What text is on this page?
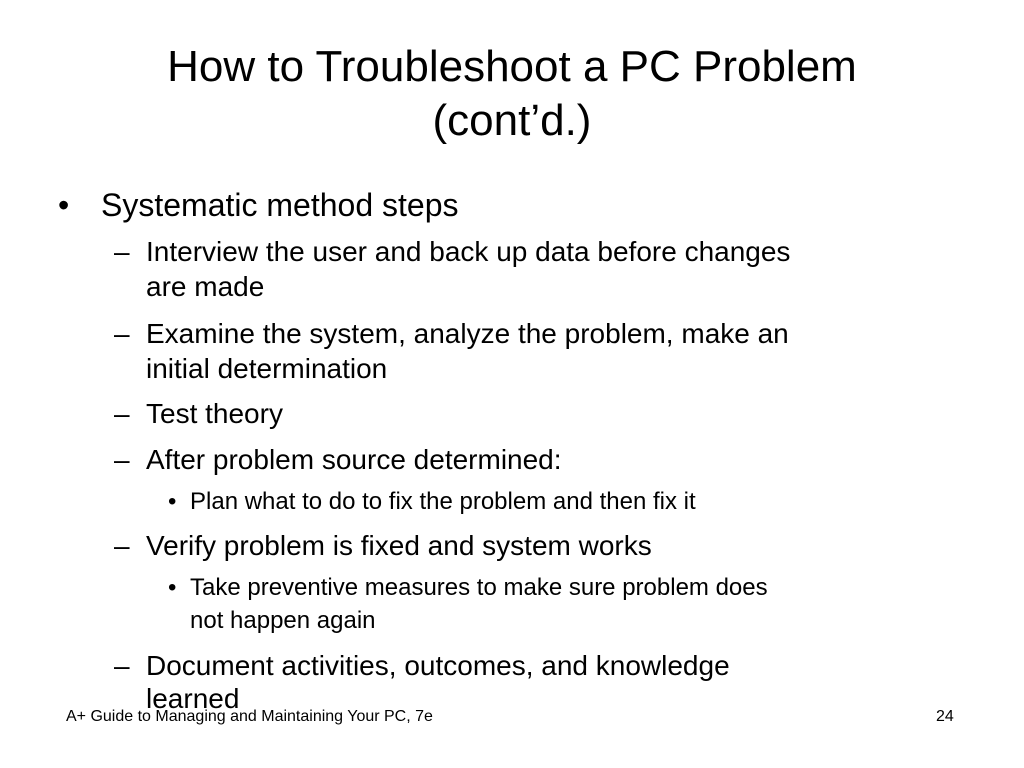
How to Troubleshoot a PC Problem
(cont’d.)
• Systematic method steps
– Interview the user and back up data before changes
are made
– Examine the system, analyze the problem, make an
initial determination
– Test theory
– After problem source determined:
• Plan what to do to fix the problem and then fix it
– Verify problem is fixed and system works
• Take preventive measures to make sure problem does
not happen again
– Document activities, outcomes, and knowledge
learned
A+ Guide to Managing and Maintaining Your PC, 7e	24
